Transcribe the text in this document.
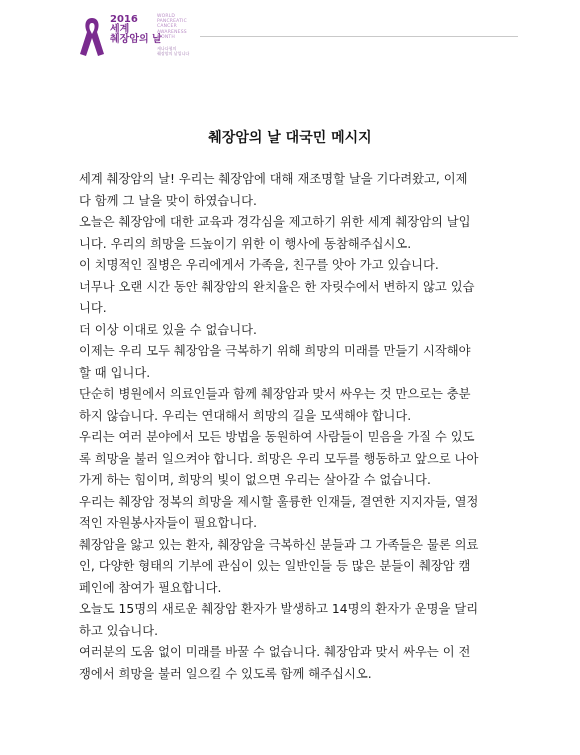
2016
세계
췌장암의 날
WORLD
PANCREATIC
CANCER
AWARENESS
MONTH
캐나다협의
췌장암의 날입니다
췌장암의 날 대국민 메시지
세계 췌장암의 날! 우리는 췌장암에 대해 재조명할 날을 기다려왔고, 이제
다 함께 그 날을 맞이 하였습니다.
오늘은 췌장암에 대한 교육과 경각심을 제고하기 위한 세계 췌장암의 날입
니다. 우리의 희망을 드높이기 위한 이 행사에 동참해주십시오.
이 치명적인 질병은 우리에게서 가족을, 친구를 앗아 가고 있습니다.
너무나 오랜 시간 동안 췌장암의 완치율은 한 자릿수에서 변하지 않고 있습
니다.
더 이상 이대로 있을 수 없습니다.
이제는 우리 모두 췌장암을 극복하기 위해 희망의 미래를 만들기 시작해야
할 때 입니다.
단순히 병원에서 의료인들과 함께 췌장암과 맞서 싸우는 것 만으로는 충분
하지 않습니다. 우리는 연대해서 희망의 길을 모색해야 합니다.
우리는 여러 분야에서 모든 방법을 동원하여 사람들이 믿음을 가질 수 있도
록 희망을 불러 일으켜야 합니다. 희망은 우리 모두를 행동하고 앞으로 나아
가게 하는 힘이며, 희망의 빛이 없으면 우리는 살아갈 수 없습니다.
우리는 췌장암 정복의 희망을 제시할 훌륭한 인재들, 결연한 지지자들, 열정
적인 자원봉사자들이 필요합니다.
췌장암을 앓고 있는 환자, 췌장암을 극복하신 분들과 그 가족들은 물론 의료
인, 다양한 형태의 기부에 관심이 있는 일반인들 등 많은 분들이 췌장암 캠
페인에 참여가 필요합니다.
오늘도 15명의 새로운 췌장암 환자가 발생하고 14명의 환자가 운명을 달리
하고 있습니다.
여러분의 도움 없이 미래를 바꿀 수 없습니다. 췌장암과 맞서 싸우는 이 전
쟁에서 희망을 불러 일으킬 수 있도록 함께 해주십시오.
